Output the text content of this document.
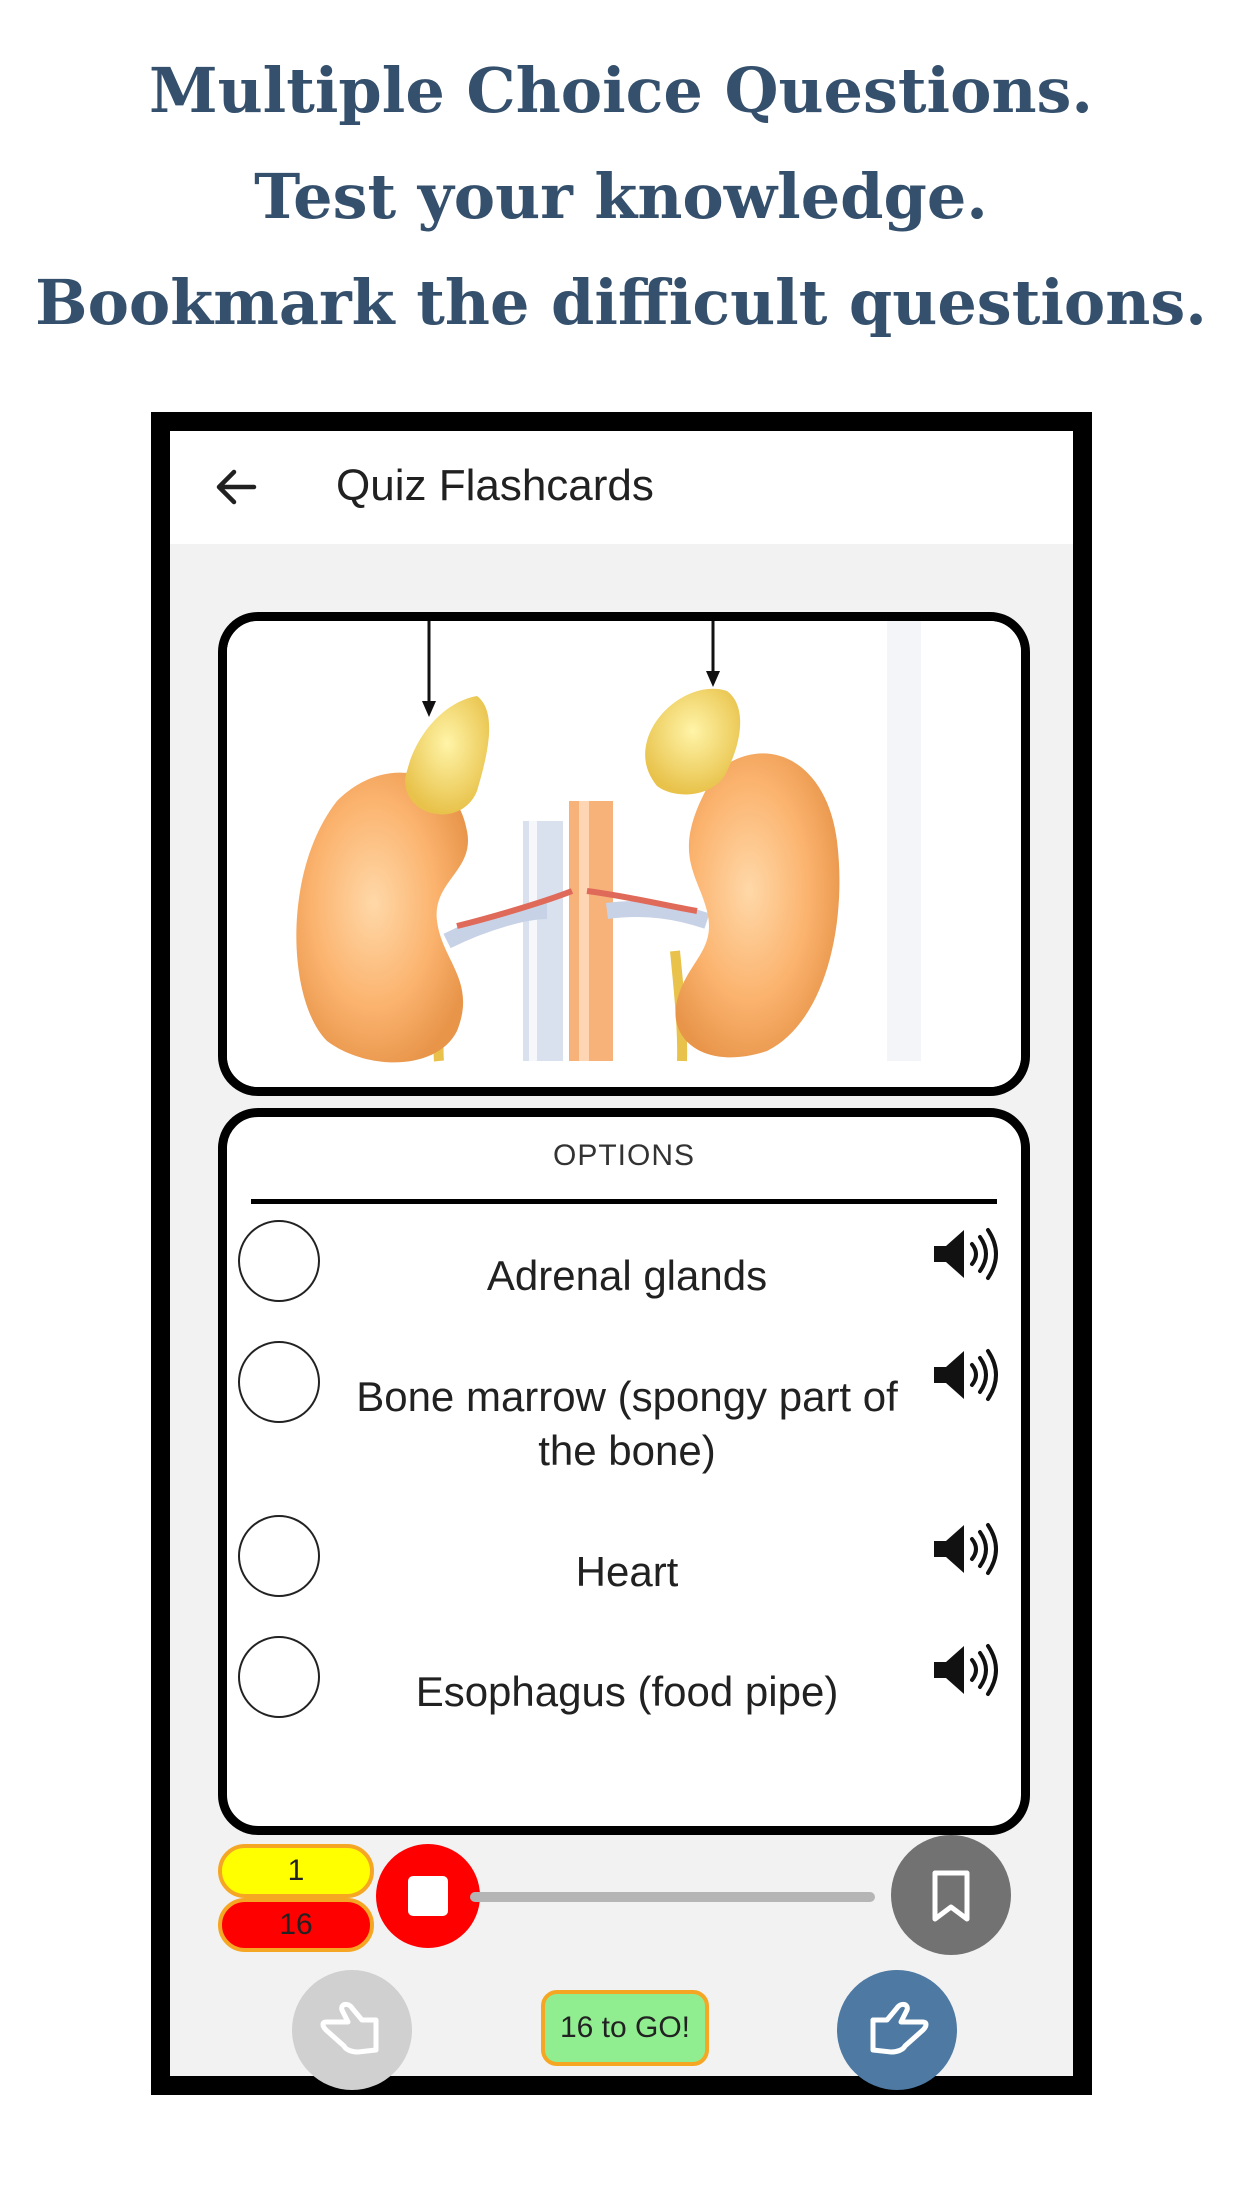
Multiple Choice Questions.
Test your knowledge.
Bookmark the difficult questions.
Quiz Flashcards
OPTIONS
Adrenal glands
Bone marrow (spongy part of the bone)
Heart
Esophagus (food pipe)
1
16
16 to GO!
